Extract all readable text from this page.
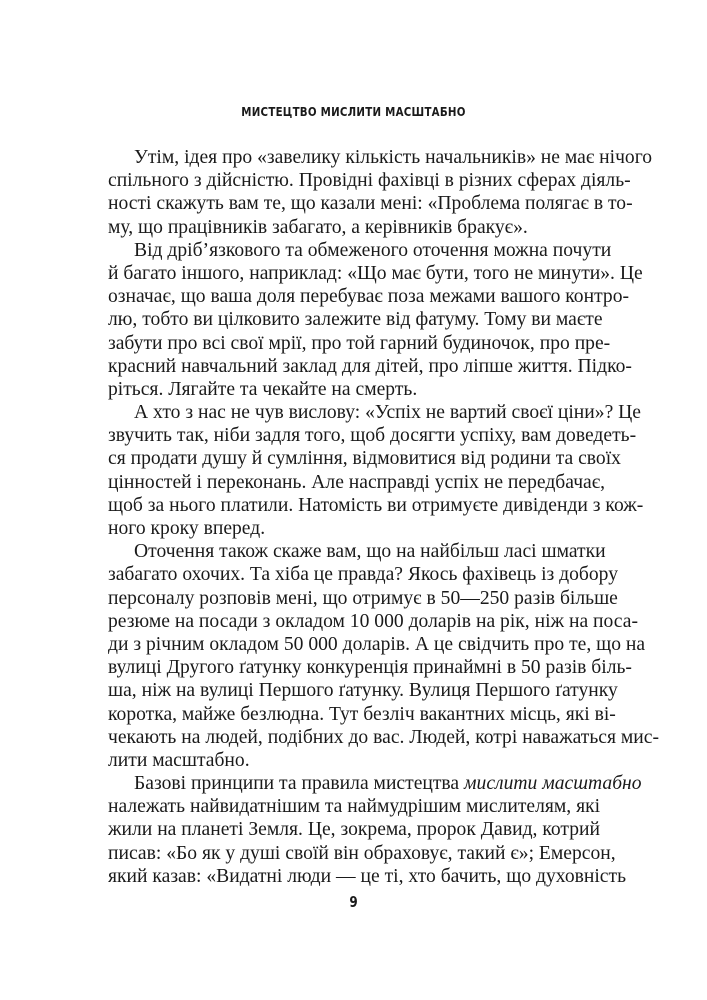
МИСТЕЦТВО МИСЛИТИ МАСШТАБНО
Утім, ідея про «завелику кількість начальників» не має нічого
спільного з дійсністю. Провідні фахівці в різних сферах діяль-
ності скажуть вам те, що казали мені: «Проблема полягає в то-
му, що працівників забагато, а керівників бракує».
Від дріб’язкового та обмеженого оточення можна почути
й багато іншого, наприклад: «Що має бути, того не минути». Це
означає, що ваша доля перебуває поза межами вашого контро-
лю, тобто ви цілковито залежите від фатуму. Тому ви маєте
забути про всі свої мрії, про той гарний будиночок, про пре-
красний навчальний заклад для дітей, про ліпше життя. Підко-
ріться. Лягайте та чекайте на смерть.
А хто з нас не чув вислову: «Успіх не вартий своєї ціни»? Це
звучить так, ніби задля того, щоб досягти успіху, вам доведеть-
ся продати душу й сумління, відмовитися від родини та своїх
цінностей і переконань. Але насправді успіх не передбачає,
щоб за нього платили. Натомість ви отримуєте дивіденди з кож-
ного кроку вперед.
Оточення також скаже вам, що на найбільш ласі шматки
забагато охочих. Та хіба це правда? Якось фахівець із добору
персоналу розповів мені, що отримує в 50—250 разів більше
резюме на посади з окладом 10 000 доларів на рік, ніж на поса-
ди з річним окладом 50 000 доларів. А це свідчить про те, що на
вулиці Другого ґатунку конкуренція принаймні в 50 разів біль-
ша, ніж на вулиці Першого ґатунку. Вулиця Першого ґатунку
коротка, майже безлюдна. Тут безліч вакантних місць, які ві-
чекають на людей, подібних до вас. Людей, котрі наважаться мис-
лити масштабно.
Базові принципи та правила мистецтва мислити масштабно
належать найвидатнішим та наймудрішим мислителям, які
жили на планеті Земля. Це, зокрема, пророк Давид, котрий
писав: «Бо як у душі своїй він обраховує, такий є»; Емерсон,
який казав: «Видатні люди — це ті, хто бачить, що духовність
9
